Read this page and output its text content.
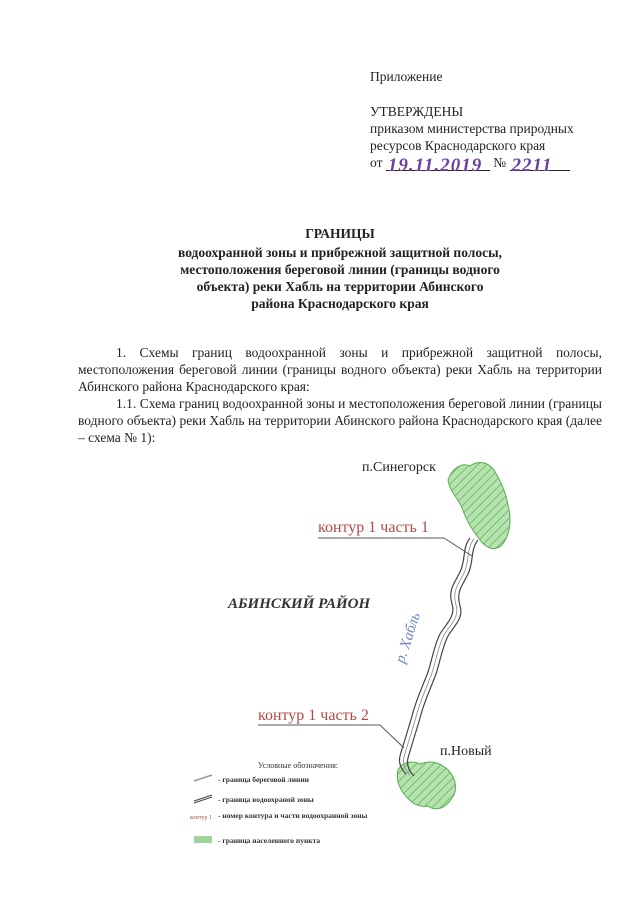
Приложение
УТВЕРЖДЕНЫ
приказом министерства природных
ресурсов Краснодарского края
от 19.11.2019 № 2211
ГРАНИЦЫ
водоохранной зоны и прибрежной защитной полосы,
местоположения береговой линии (границы водного
объекта) реки Хабль на территории Абинского
района Краснодарского края

1. Схемы границ водоохранной зоны и прибрежной защитной полосы, местоположения береговой линии (границы водного объекта) реки Хабль на территории Абинского района Краснодарского края:

1.1. Схема границ водоохранной зоны и местоположения береговой линии (границы водного объекта) реки Хабль на территории Абинского района Краснодарского края (далее – схема № 1):

п.Синегорск
контур 1 часть 1
АБИНСКИЙ РАЙОН
р. Хабль
контур 1 часть 2
п.Новый
Условные обозначения:
- граница береговой линии
- граница водоохраной зоны
контур 1 - номер контура и части водоохранной зоны
- граница населенного пункта
